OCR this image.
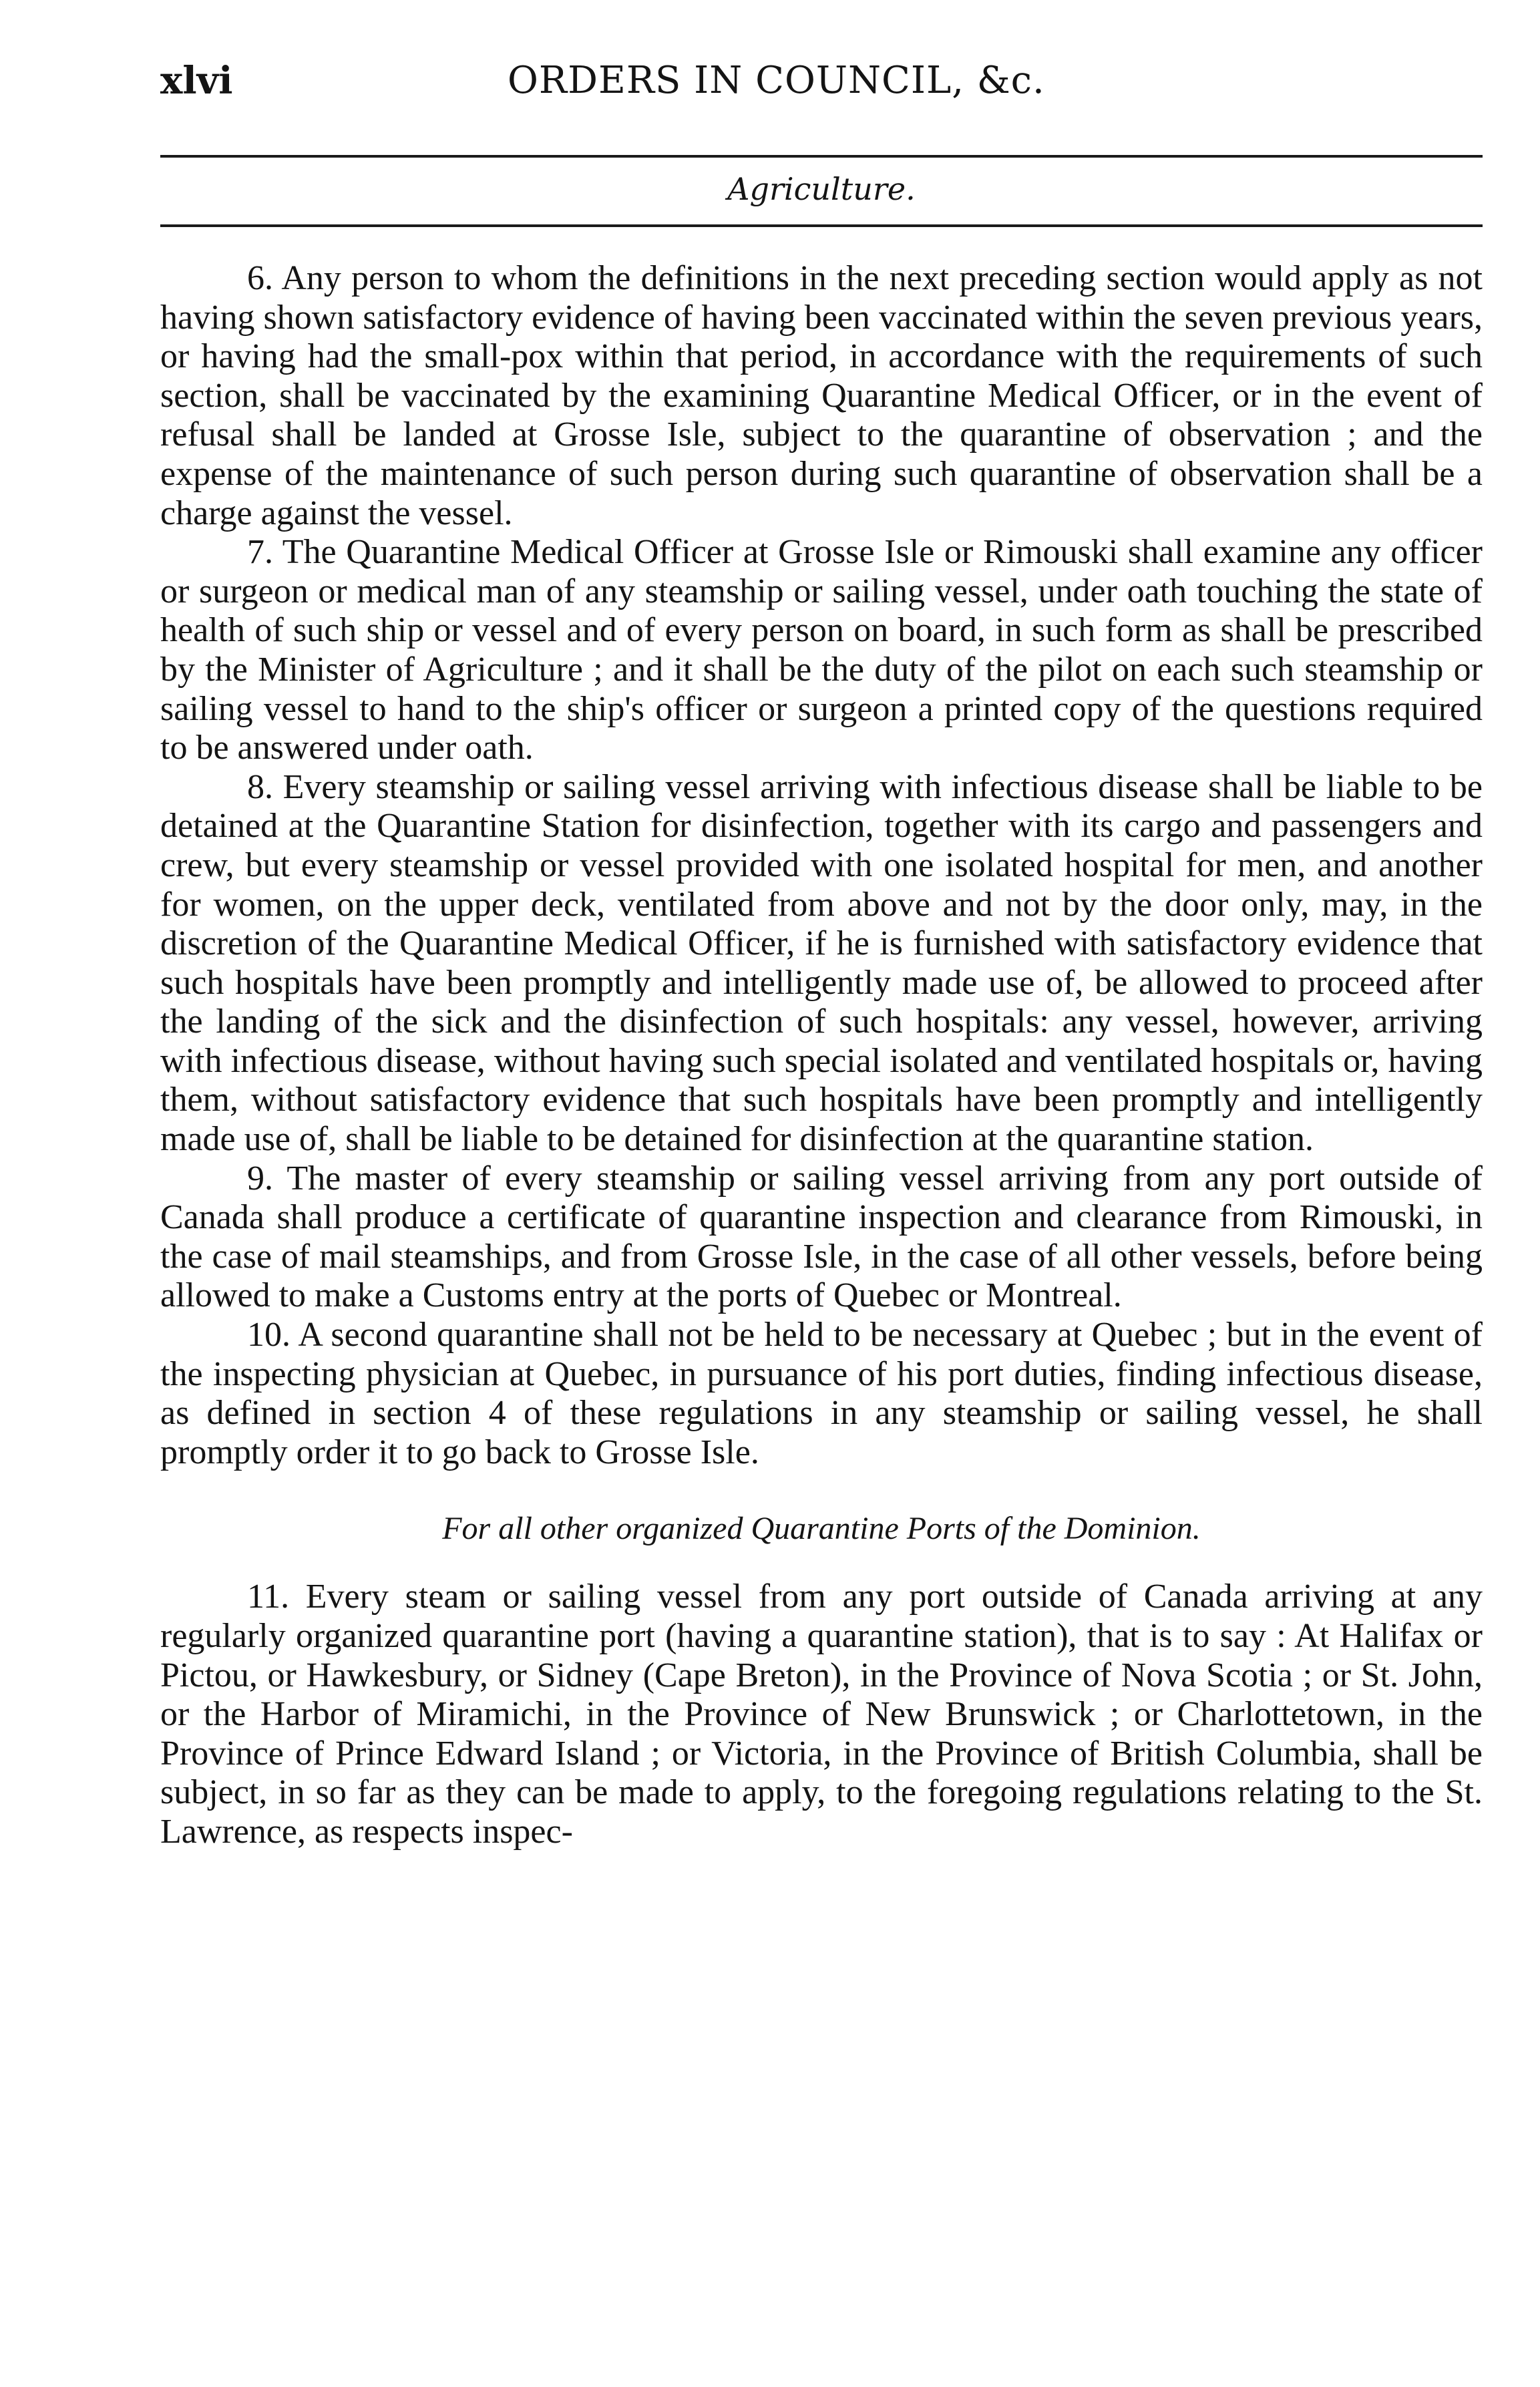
xlvi	ORDERS IN COUNCIL, &c.
Agriculture.

6. Any person to whom the definitions in the next preceding section would apply as not having shown satisfactory evidence of having been vaccinated within the seven previous years, or having had the small-pox within that period, in accordance with the requirements of such section, shall be vaccinated by the examining Quarantine Medical Officer, or in the event of refusal shall be landed at Grosse Isle, subject to the quarantine of observation ; and the expense of the maintenance of such person during such quarantine of observation shall be a charge against the vessel.

7. The Quarantine Medical Officer at Grosse Isle or Rimouski shall examine any officer or surgeon or medical man of any steamship or sailing vessel, under oath touching the state of health of such ship or vessel and of every person on board, in such form as shall be prescribed by the Minister of Agriculture ; and it shall be the duty of the pilot on each such steamship or sailing vessel to hand to the ship's officer or surgeon a printed copy of the questions required to be answered under oath.

8. Every steamship or sailing vessel arriving with infectious disease shall be liable to be detained at the Quarantine Station for disinfection, together with its cargo and passengers and crew, but every steamship or vessel provided with one isolated hospital for men, and another for women, on the upper deck, ventilated from above and not by the door only, may, in the discretion of the Quarantine Medical Officer, if he is furnished with satisfactory evidence that such hospitals have been promptly and intelligently made use of, be allowed to proceed after the landing of the sick and the disinfection of such hospitals: any vessel, however, arriving with infectious disease, without having such special isolated and ventilated hospitals or, having them, without satisfactory evidence that such hospitals have been promptly and intelligently made use of, shall be liable to be detained for disinfection at the quarantine station.

9. The master of every steamship or sailing vessel arriving from any port outside of Canada shall produce a certificate of quarantine inspection and clearance from Rimouski, in the case of mail steamships, and from Grosse Isle, in the case of all other vessels, before being allowed to make a Customs entry at the ports of Quebec or Montreal.

10. A second quarantine shall not be held to be necessary at Quebec ; but in the event of the inspecting physician at Quebec, in pursuance of his port duties, finding infectious disease, as defined in section 4 of these regulations in any steamship or sailing vessel, he shall promptly order it to go back to Grosse Isle.

For all other organized Quarantine Ports of the Dominion.

11. Every steam or sailing vessel from any port outside of Canada arriving at any regularly organized quarantine port (having a quarantine station), that is to say : At Halifax or Pictou, or Hawkesbury, or Sidney (Cape Breton), in the Province of Nova Scotia ; or St. John, or the Harbor of Miramichi, in the Province of New Brunswick ; or Charlottetown, in the Province of Prince Edward Island ; or Victoria, in the Province of British Columbia, shall be subject, in so far as they can be made to apply, to the foregoing regulations relating to the St. Lawrence, as respects inspec-
